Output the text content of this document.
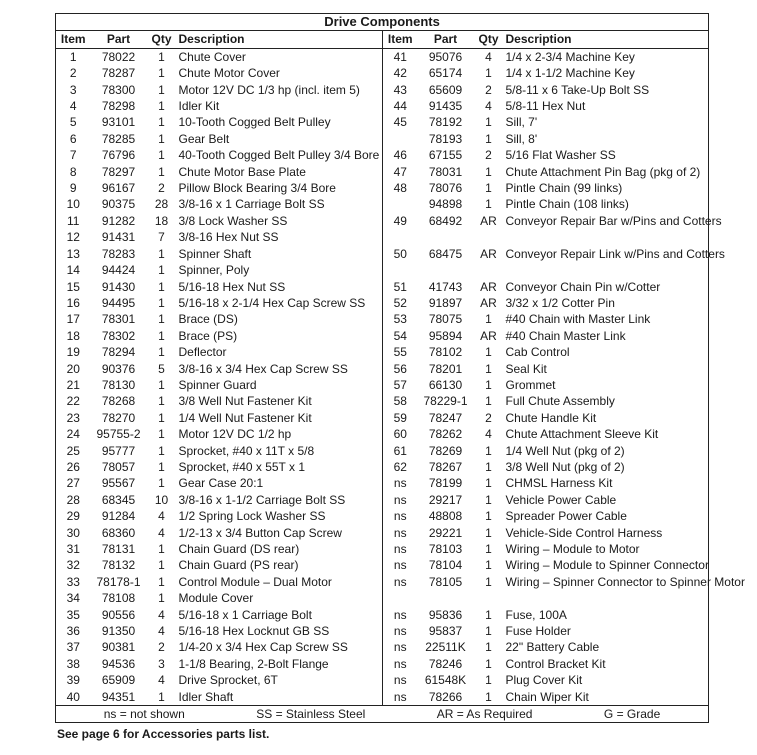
Drive Components							
Item	Part	Qty	Description	Item	Part	Qty	Description
1	78022	1	Chute Cover	41	95076	4	1/4 x 2-3/4 Machine Key
2	78287	1	Chute Motor Cover	42	65174	1	1/4 x 1-1/2 Machine Key
3	78300	1	Motor 12V DC 1/3 hp (incl. item 5)	43	65609	2	5/8-11 x 6 Take-Up Bolt SS
4	78298	1	Idler Kit	44	91435	4	5/8-11 Hex Nut
5	93101	1	10-Tooth Cogged Belt Pulley	45	78192	1	Sill, 7'
6	78285	1	Gear Belt		78193	1	Sill, 8'
7	76796	1	40-Tooth Cogged Belt Pulley 3/4 Bore	46	67155	2	5/16 Flat Washer SS
8	78297	1	Chute Motor Base Plate	47	78031	1	Chute Attachment Pin Bag (pkg of 2)
9	96167	2	Pillow Block Bearing 3/4 Bore	48	78076	1	Pintle Chain (99 links)
10	90375	28	3/8-16 x 1 Carriage Bolt SS		94898	1	Pintle Chain (108 links)
11	91282	18	3/8 Lock Washer SS	49	68492	AR	Conveyor Repair Bar w/Pins and Cotters
12	91431	7	3/8-16 Hex Nut SS				
13	78283	1	Spinner Shaft	50	68475	AR	Conveyor Repair Link w/Pins and Cotters
14	94424	1	Spinner, Poly				
15	91430	1	5/16-18 Hex Nut SS	51	41743	AR	Conveyor Chain Pin w/Cotter
16	94495	1	5/16-18 x 2-1/4 Hex Cap Screw SS	52	91897	AR	3/32 x 1/2 Cotter Pin
17	78301	1	Brace (DS)	53	78075	1	#40 Chain with Master Link
18	78302	1	Brace (PS)	54	95894	AR	#40 Chain Master Link
19	78294	1	Deflector	55	78102	1	Cab Control
20	90376	5	3/8-16 x 3/4 Hex Cap Screw SS	56	78201	1	Seal Kit
21	78130	1	Spinner Guard	57	66130	1	Grommet
22	78268	1	3/8 Well Nut Fastener Kit	58	78229-1	1	Full Chute Assembly
23	78270	1	1/4 Well Nut Fastener Kit	59	78247	2	Chute Handle Kit
24	95755-2	1	Motor 12V DC 1/2 hp	60	78262	4	Chute Attachment Sleeve Kit
25	95777	1	Sprocket, #40 x 11T x 5/8	61	78269	1	1/4 Well Nut (pkg of 2)
26	78057	1	Sprocket, #40 x 55T x 1	62	78267	1	3/8 Well Nut (pkg of 2)
27	95567	1	Gear Case 20:1	ns	78199	1	CHMSL Harness Kit
28	68345	10	3/8-16 x 1-1/2 Carriage Bolt SS	ns	29217	1	Vehicle Power Cable
29	91284	4	1/2 Spring Lock Washer SS	ns	48808	1	Spreader Power Cable
30	68360	4	1/2-13 x 3/4 Button Cap Screw	ns	29221	1	Vehicle-Side Control Harness
31	78131	1	Chain Guard (DS rear)	ns	78103	1	Wiring – Module to Motor
32	78132	1	Chain Guard (PS rear)	ns	78104	1	Wiring – Module to Spinner Connector
33	78178-1	1	Control Module – Dual Motor	ns	78105	1	Wiring – Spinner Connector to Spinner Motor
34	78108	1	Module Cover				
35	90556	4	5/16-18 x 1 Carriage Bolt	ns	95836	1	Fuse, 100A
36	91350	4	5/16-18 Hex Locknut GB SS	ns	95837	1	Fuse Holder
37	90381	2	1/4-20 x 3/4 Hex Cap Screw SS	ns	22511K	1	22" Battery Cable
38	94536	3	1-1/8 Bearing, 2-Bolt Flange	ns	78246	1	Control Bracket Kit
39	65909	4	Drive Sprocket, 6T	ns	61548K	1	Plug Cover Kit
40	94351	1	Idler Shaft	ns	78266	1	Chain Wiper Kit

ns = not shown SS = Stainless Steel AR = As Required G = Grade							
See page 6 for Accessories parts list.
